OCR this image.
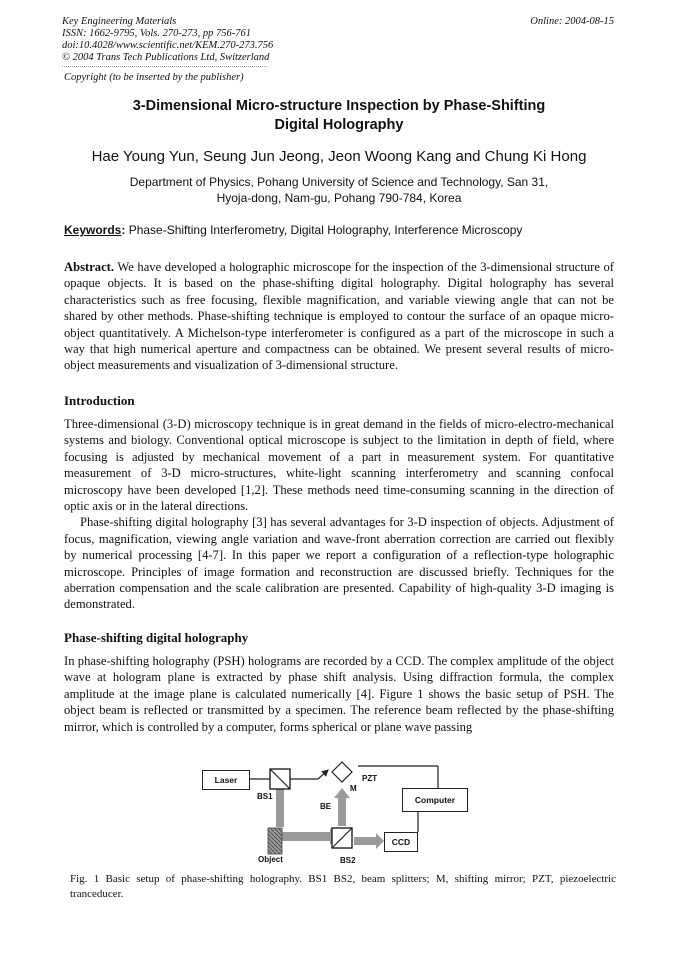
Key Engineering Materials
ISSN: 1662-9795, Vols. 270-273, pp 756-761
doi:10.4028/www.scientific.net/KEM.270-273.756
© 2004 Trans Tech Publications Ltd, Switzerland
Online: 2004-08-15
Copyright (to be inserted by the publisher)
3-Dimensional Micro-structure Inspection by Phase-Shifting
Digital Holography
Hae Young Yun, Seung Jun Jeong, Jeon Woong Kang and Chung Ki Hong
Department of Physics, Pohang University of Science and Technology, San 31,
Hyoja-dong, Nam-gu, Pohang 790-784, Korea
Keywords: Phase-Shifting Interferometry, Digital Holography, Interference Microscopy
Abstract. We have developed a holographic microscope for the inspection of the 3-dimensional structure of opaque objects. It is based on the phase-shifting digital holography. Digital holography has several characteristics such as free focusing, flexible magnification, and variable viewing angle that can not be shared by other methods. Phase-shifting technique is employed to contour the surface of an opaque micro-object quantitatively. A Michelson-type interferometer is configured as a part of the microscope in such a way that high numerical aperture and compactness can be obtained. We present several results of micro-object measurements and visualization of 3-dimensional structure.
Introduction

Three-dimensional (3-D) microscopy technique is in great demand in the fields of micro-electro-mechanical systems and biology. Conventional optical microscope is subject to the limitation in depth of field, where focusing is adjusted by mechanical movement of a part in measurement system. For quantitative measurement of 3-D micro-structures, white-light scanning interferometry and scanning confocal microscopy have been developed [1,2]. These methods need time-consuming scanning in the direction of optic axis or in the lateral directions.

Phase-shifting digital holography [3] has several advantages for 3-D inspection of objects. Adjustment of focus, magnification, viewing angle variation and wave-front aberration correction are carried out flexibly by numerical processing [4-7]. In this paper we report a configuration of a reflection-type holographic microscope. Principles of image formation and reconstruction are discussed briefly. Techniques for the aberration compensation and the scale calibration are presented. Capability of high-quality 3-D imaging is demonstrated.

Phase-shifting digital holography
In phase-shifting holography (PSH) holograms are recorded by a CCD. The complex amplitude of the object wave at hologram plane is extracted by phase shift analysis. Using diffraction formula, the complex amplitude at the image plane is calculated numerically [4]. Figure 1 shows the basic setup of PSH. The object beam is reflected or transmitted by a specimen. The reference beam reflected by the phase-shifting mirror, which is controlled by a computer, forms spherical or plane wave passing
Laser
Computer
CCD
BS1
BS2
BE
M
PZT
Object
Fig. 1 Basic setup of phase-shifting holography. BS1 BS2, beam splitters; M, shifting mirror; PZT, piezoelectric tranceducer.
